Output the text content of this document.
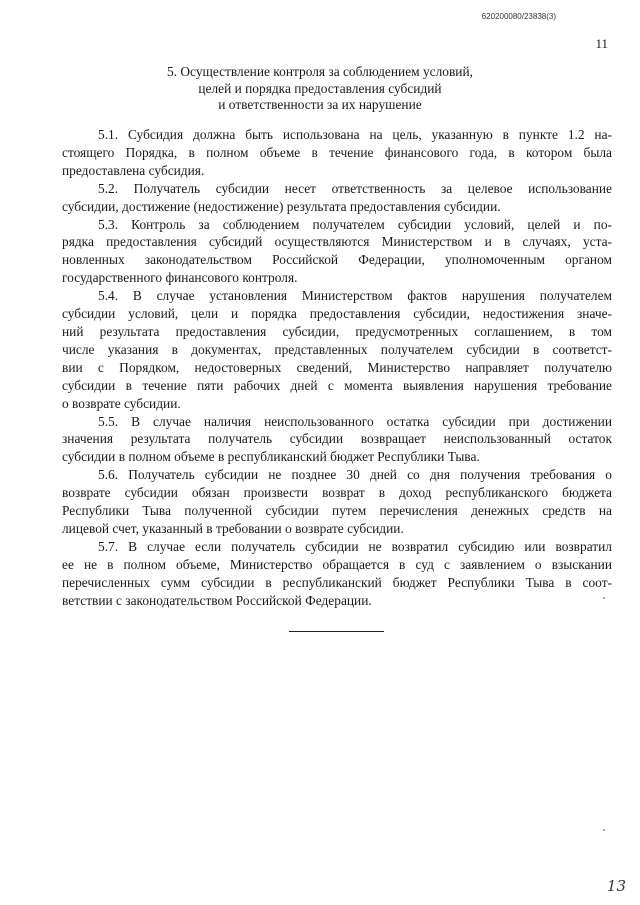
620200080/23838(3)
11
5. Осуществление контроля за соблюдением условий,
целей и порядка предоставления субсидий
и ответственности за их нарушение
5.1. Субсидия должна быть использована на цель, указанную в пункте 1.2 на-
стоящего Порядка, в полном объеме в течение финансового года, в котором была
предоставлена субсидия.
5.2. Получатель субсидии несет ответственность за целевое использование
субсидии, достижение (недостижение) результата предоставления субсидии.
5.3. Контроль за соблюдением получателем субсидии условий, целей и по-
рядка предоставления субсидий осуществляются Министерством и в случаях, уста-
новленных законодательством Российской Федерации, уполномоченным органом
государственного финансового контроля.
5.4. В случае установления Министерством фактов нарушения получателем
субсидии условий, цели и порядка предоставления субсидии, недостижения значе-
ний результата предоставления субсидии, предусмотренных соглашением, в том
числе указания в документах, представленных получателем субсидии в соответст-
вии с Порядком, недостоверных сведений, Министерство направляет получателю
субсидии в течение пяти рабочих дней с момента выявления нарушения требование
о возврате субсидии.
5.5. В случае наличия неиспользованного остатка субсидии при достижении
значения результата получатель субсидии возвращает неиспользованный остаток
субсидии в полном объеме в республиканский бюджет Республики Тыва.
5.6. Получатель субсидии не позднее 30 дней со дня получения требования о
возврате субсидии обязан произвести возврат в доход республиканского бюджета
Республики Тыва полученной субсидии путем перечисления денежных средств на
лицевой счет, указанный в требовании о возврате субсидии.
5.7. В случае если получатель субсидии не возвратил субсидию или возвратил
ее не в полном объеме, Министерство обращается в суд с заявлением о взыскании
перечисленных сумм субсидии в республиканский бюджет Республики Тыва в соот-
ветствии с законодательством Российской Федерации.
13
